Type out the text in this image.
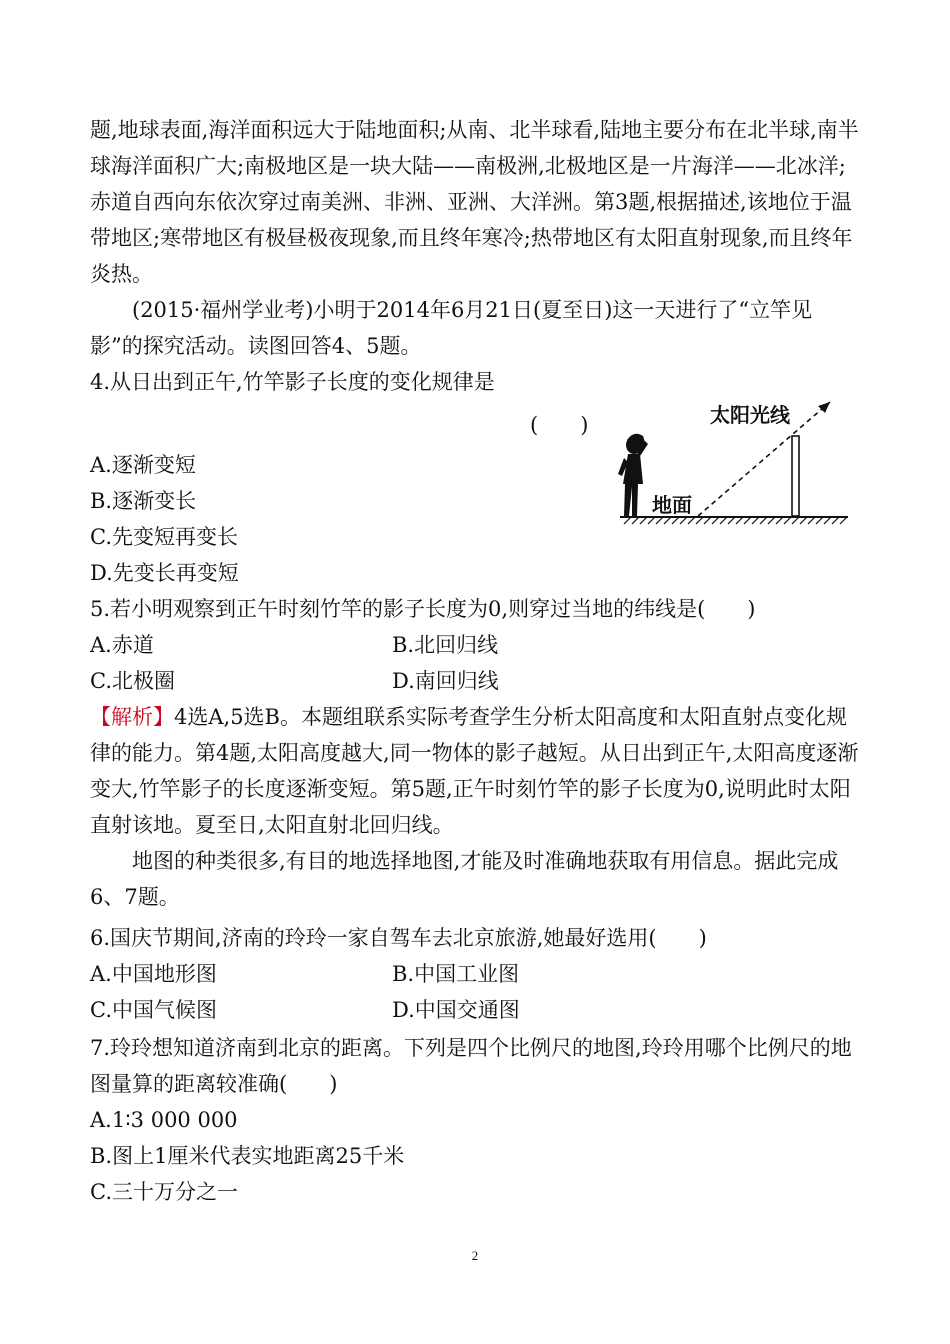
题,地球表面,海洋面积远大于陆地面积;从南、北半球看,陆地主要分布在北半球,南半球海洋面积广大;南极地区是一块大陆——南极洲,北极地区是一片海洋——北冰洋;赤道自西向东依次穿过南美洲、非洲、亚洲、大洋洲。第3题,根据描述,该地位于温带地区;寒带地区有极昼极夜现象,而且终年寒冷;热带地区有太阳直射现象,而且终年炎热。

(2015·福州学业考)小明于2014年6月21日(夏至日)这一天进行了“立竿见影”的探究活动。读图回答4、5题。

4.从日出到正午,竹竿影子长度的变化规律是

(　　)

A.逐渐变短

B.逐渐变长

C.先变短再变长

D.先变长再变短

太阳光线
地面

5.若小明观察到正午时刻竹竿的影子长度为0,则穿过当地的纬线是(　　)

A.赤道	B.北回归线

C.北极圈	D.南回归线

【解析】4选A,5选B。本题组联系实际考查学生分析太阳高度和太阳直射点变化规律的能力。第4题,太阳高度越大,同一物体的影子越短。从日出到正午,太阳高度逐渐变大,竹竿影子的长度逐渐变短。第5题,正午时刻竹竿的影子长度为0,说明此时太阳直射该地。夏至日,太阳直射北回归线。

地图的种类很多,有目的地选择地图,才能及时准确地获取有用信息。据此完成6、7题。

6.国庆节期间,济南的玲玲一家自驾车去北京旅游,她最好选用(　　)

A.中国地形图	B.中国工业图

C.中国气候图	D.中国交通图

7.玲玲想知道济南到北京的距离。下列是四个比例尺的地图,玲玲用哪个比例尺的地图量算的距离较准确(　　)

A.1∶3 000 000

B.图上1厘米代表实地距离25千米

C.三十万分之一

2
